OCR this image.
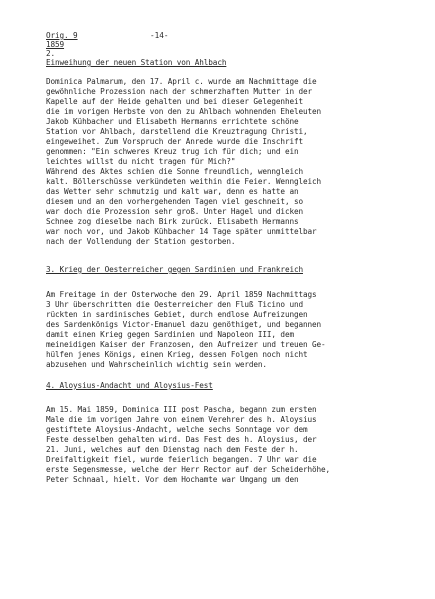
Orig. 9	-14-
1859
2.
Einweihung der neuen Station von Ahlbach
Dominica Palmarum, den 17. April c. wurde am Nachmittage die
gewöhnliche Prozession nach der schmerzhaften Mutter in der
Kapelle auf der Heide gehalten und bei dieser Gelegenheit
die im vorigen Herbste von den zu Ahlbach wohnenden Eheleuten
Jakob Kühbacher und Elisabeth Hermanns errichtete schöne
Station vor Ahlbach, darstellend die Kreuztragung Christi,
eingeweihet. Zum Vorspruch der Anrede wurde die Inschrift
genommen: "Ein schweres Kreuz trug ich für dich; und ein
leichtes willst du nicht tragen für Mich?"
Während des Aktes schien die Sonne freundlich, wenngleich
kalt. Böllerschüsse verkündeten weithin die Feier. Wenngleich
das Wetter sehr schmutzig und kalt war, denn es hatte an
diesem und an den vorhergehenden Tagen viel geschneit, so
war doch die Prozession sehr groß. Unter Hagel und dicken
Schnee zog dieselbe nach Birk zurück. Elisabeth Hermanns
war noch vor, und Jakob Kühbacher 14 Tage später unmittelbar
nach der Vollendung der Station gestorben.
3. Krieg der Oesterreicher gegen Sardinien und Frankreich
Am Freitage in der Osterwoche den 29. April 1859 Nachmittags
3 Uhr überschritten die Oesterreicher den Fluß Ticino und
rückten in sardinisches Gebiet, durch endlose Aufreizungen
des Sardenkönigs Victor-Emanuel dazu genöthiget, und begannen
damit einen Krieg gegen Sardinien und Napoleon III, dem
meineidigen Kaiser der Franzosen, den Aufreizer und treuen Ge-
hülfen jenes Königs, einen Krieg, dessen Folgen noch nicht
abzusehen und Wahrscheinlich wichtig sein werden.
4. Aloysius-Andacht und Aloysius-Fest
Am 15. Mai 1859, Dominica III post Pascha, begann zum ersten
Male die im vorigen Jahre von einem Verehrer des h. Aloysius
gestiftete Aloysius-Andacht, welche sechs Sonntage vor dem
Feste desselben gehalten wird. Das Fest des h. Aloysius, der
21. Juni, welches auf den Dienstag nach dem Feste der h.
Dreifaltigkeit fiel, wurde feierlich begangen. 7 Uhr war die
erste Segensmesse, welche der Herr Rector auf der Scheiderhöhe,
Peter Schnaal, hielt. Vor dem Hochamte war Umgang um den
